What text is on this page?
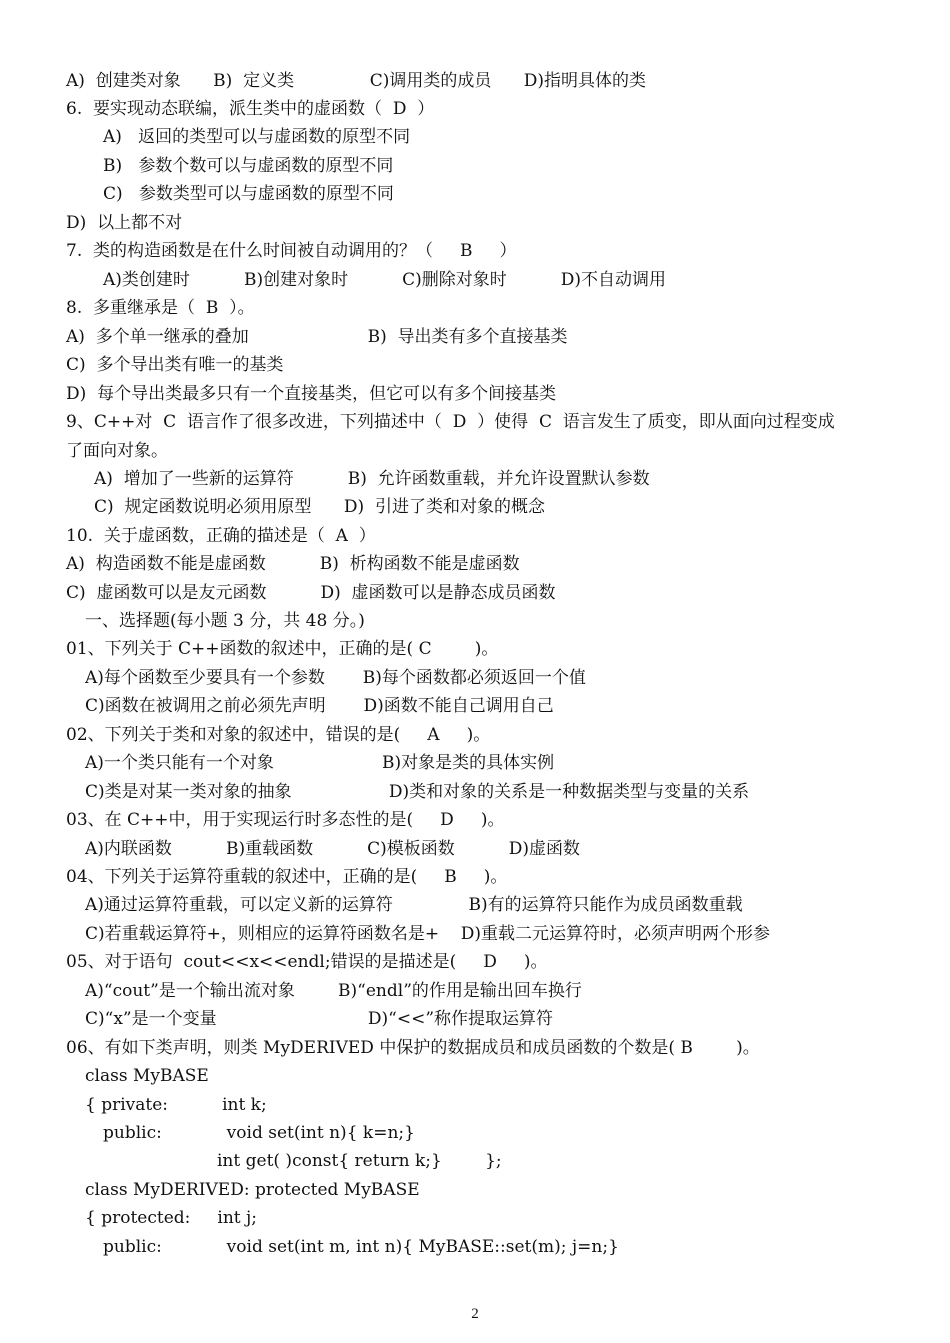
A)  创建类对象      B)  定义类              C)调用类的成员      D)指明具体的类
6.  要实现动态联编，派生类中的虚函数（  D  ）
A)   返回的类型可以与虚函数的原型不同
B)   参数个数可以与虚函数的原型不同
C)   参数类型可以与虚函数的原型不同
D)  以上都不对
7.  类的构造函数是在什么时间被自动调用的？（     B     ）
A)类创建时          B)创建对象时          C)删除对象时          D)不自动调用
8.  多重继承是（  B  ）。
A)  多个单一继承的叠加                      B)  导出类有多个直接基类
C)  多个导出类有唯一的基类
D)  每个导出类最多只有一个直接基类，但它可以有多个间接基类
9、C++对  C  语言作了很多改进，下列描述中（  D  ）使得  C  语言发生了质变，即从面向过程变成
了面向对象。
A)  增加了一些新的运算符          B)  允许函数重载，并允许设置默认参数
C)  规定函数说明必须用原型      D)  引进了类和对象的概念
10.  关于虚函数，正确的描述是（  A  ）
A)  构造函数不能是虚函数          B)  析构函数不能是虚函数
C)  虚函数可以是友元函数          D)  虚函数可以是静态成员函数
一、选择题(每小题 3 分，共 48 分。)
01、下列关于 C++函数的叙述中，正确的是( C        )。
A)每个函数至少要具有一个参数       B)每个函数都必须返回一个值
C)函数在被调用之前必须先声明       D)函数不能自己调用自己
02、下列关于类和对象的叙述中，错误的是(     A     )。
A)一个类只能有一个对象                    B)对象是类的具体实例
C)类是对某一类对象的抽象                  D)类和对象的关系是一种数据类型与变量的关系
03、在 C++中，用于实现运行时多态性的是(     D     )。
A)内联函数          B)重载函数          C)模板函数          D)虚函数
04、下列关于运算符重载的叙述中，正确的是(     B     )。
A)通过运算符重载，可以定义新的运算符              B)有的运算符只能作为成员函数重载
C)若重载运算符+，则相应的运算符函数名是+    D)重载二元运算符时，必须声明两个形参
05、对于语句  cout<<x<<endl;错误的是描述是(     D     )。
A)“cout”是一个输出流对象        B)“endl”的作用是输出回车换行
C)“x”是一个变量                            D)“<<”称作提取运算符
06、有如下类声明，则类 MyDERIVED 中保护的数据成员和成员函数的个数是( B        )。
class MyBASE
{ private:          int k;
public:            void set(int n){ k=n;}
int get( )const{ return k;}        };
class MyDERIVED: protected MyBASE
{ protected:     int j;
public:            void set(int m, int n){ MyBASE::set(m); j=n;}
2
